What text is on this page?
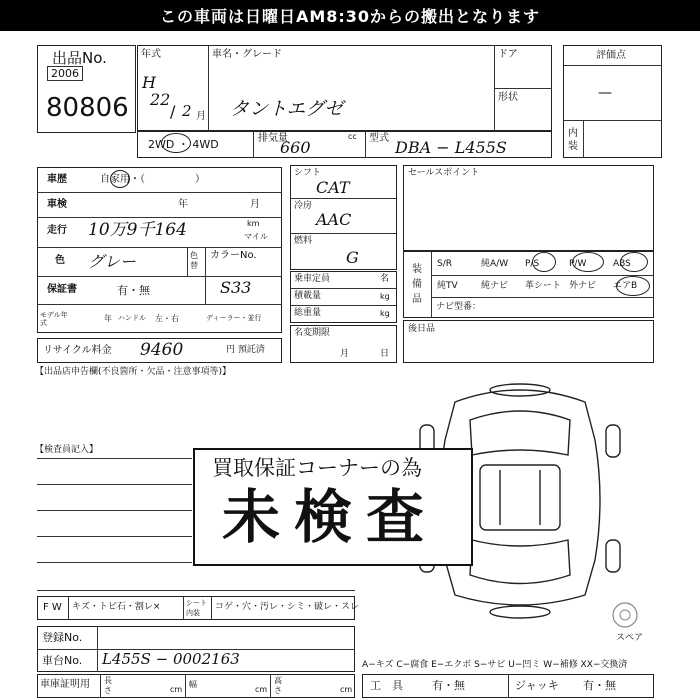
この車両は日曜日AM8:30からの搬出となります
出品No.
2006
80806
年式
H
22
/ 2 月
車名・グレード
タントエグゼ
ドア
形状
2WD ・ 4WD	排気量
660
cc 型式 DBA − L455S
評価点
—
内装
車歴	自家用・（　　　　　）
車検	年	月
走行 10万9千164	km
マイル
色 グレー	色替
カラーNo.
保証書	有・無	S33
モデル年式	年 ハンドル 左・右	ディーラー・並行
リサイクル料金 9460	円 預託済
シフト
CAT
冷房
AAC
燃料
G
乗車定員	名
積載量	kg
総重量	kg
名変期限
月	日
セールスポイント
装備品
S/R	純A/W P/S	P/W	ABS
純TV	純ナビ 革シート 外ナビ エアB
ナビ型番：
後日品
【出品店申告欄(不良箇所・欠品・注意事項等)】
【検査員記入】
スペア
買取保証コーナーの為
未検査
F W キズ・トビ石・割レ×	シート内装
コゲ・穴・汚レ・シミ・破レ・スレ
登録No.
車台No. L455S − 0002163
車庫証明用 長さ	cm
幅
cm
高さ	cm
A−キズ C−腐食 E−エクボ S−サビ U−凹ミ W−補修 XX−交換済
工　具	有・無	ジャッキ 有・無
